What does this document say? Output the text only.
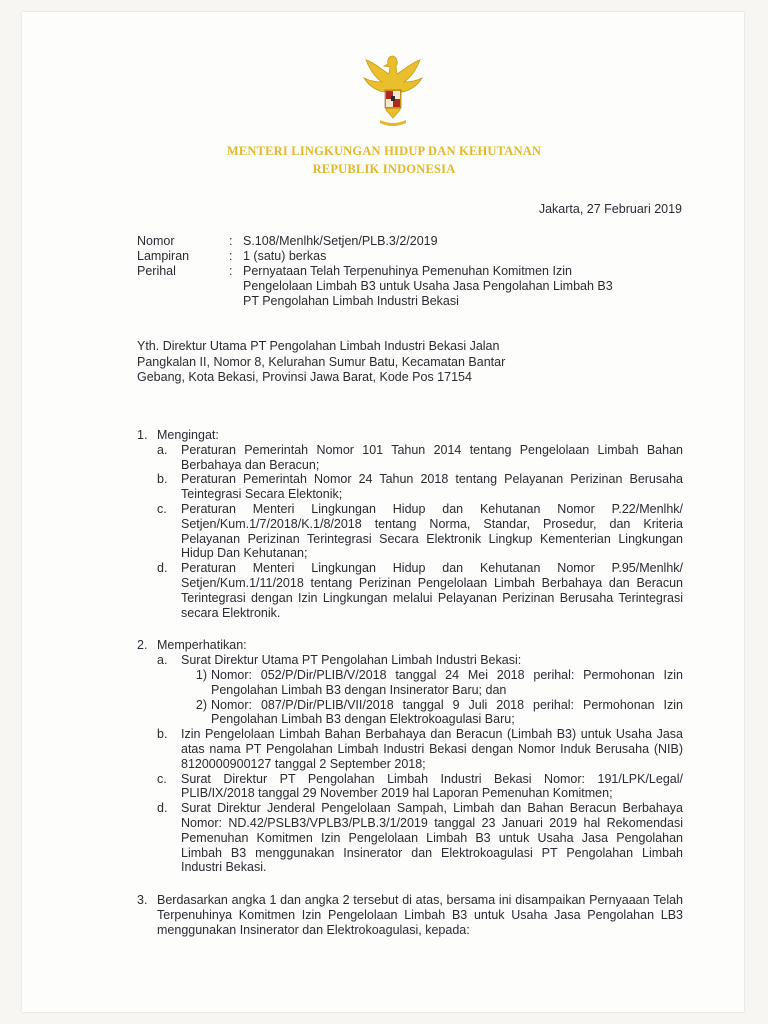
MENTERI LINGKUNGAN HIDUP DAN KEHUTANAN
REPUBLIK INDONESIA
Jakarta, 27 Februari 2019
Nomor	: S.108/Menlhk/Setjen/PLB.3/2/2019
Lampiran	: 1 (satu) berkas
Perihal	: Pernyataan Telah Terpenuhinya Pemenuhan Komitmen Izin Pengelolaan Limbah B3 untuk Usaha Jasa Pengolahan Limbah B3 PT Pengolahan Limbah Industri Bekasi
Yth. Direktur Utama PT Pengolahan Limbah Industri Bekasi Jalan Pangkalan II, Nomor 8, Kelurahan Sumur Batu, Kecamatan Bantar Gebang, Kota Bekasi, Provinsi Jawa Barat, Kode Pos 17154
1. Mengingat:
a.	Peraturan Pemerintah Nomor 101 Tahun 2014 tentang Pengelolaan Limbah Bahan Berbahaya dan Beracun;
b.	Peraturan Pemerintah Nomor 24 Tahun 2018 tentang Pelayanan Perizinan Berusaha Teintegrasi Secara Elektonik;
c.	Peraturan Menteri Lingkungan Hidup dan Kehutanan Nomor P.22/Menlhk/ Setjen/Kum.1/7/2018/K.1/8/2018 tentang Norma, Standar, Prosedur, dan Kriteria Pelayanan Perizinan Terintegrasi Secara Elektronik Lingkup Kementerian Lingkungan Hidup Dan Kehutanan;
d.	Peraturan Menteri Lingkungan Hidup dan Kehutanan Nomor P.95/Menlhk/ Setjen/Kum.1/11/2018 tentang Perizinan Pengelolaan Limbah Berbahaya dan Beracun Terintegrasi dengan Izin Lingkungan melalui Pelayanan Perizinan Berusaha Terintegrasi secara Elektronik.
2. Memperhatikan:
a.	Surat Direktur Utama PT Pengolahan Limbah Industri Bekasi:
1) Nomor: 052/P/Dir/PLIB/V/2018 tanggal 24 Mei 2018 perihal: Permohonan Izin Pengolahan Limbah B3 dengan Insinerator Baru; dan
2) Nomor: 087/P/Dir/PLIB/VII/2018 tanggal 9 Juli 2018 perihal: Permohonan Izin Pengolahan Limbah B3 dengan Elektrokoagulasi Baru;
b.	Izin Pengelolaan Limbah Bahan Berbahaya dan Beracun (Limbah B3) untuk Usaha Jasa atas nama PT Pengolahan Limbah Industri Bekasi dengan Nomor Induk Berusaha (NIB) 8120000900127 tanggal 2 September 2018;
c.	Surat Direktur PT Pengolahan Limbah Industri Bekasi Nomor: 191/LPK/Legal/ PLIB/IX/2018 tanggal 29 November 2019 hal Laporan Pemenuhan Komitmen;
d.	Surat Direktur Jenderal Pengelolaan Sampah, Limbah dan Bahan Beracun Berbahaya Nomor: ND.42/PSLB3/VPLB3/PLB.3/1/2019 tanggal 23 Januari 2019 hal Rekomendasi Pemenuhan Komitmen Izin Pengelolaan Limbah B3 untuk Usaha Jasa Pengolahan Limbah B3 menggunakan Insinerator dan Elektrokoagulasi PT Pengolahan Limbah Industri Bekasi.
3. Berdasarkan angka 1 dan angka 2 tersebut di atas, bersama ini disampaikan Pernyaaan Telah Terpenuhinya Komitmen Izin Pengelolaan Limbah B3 untuk Usaha Jasa Pengolahan LB3 menggunakan Insinerator dan Elektrokoagulasi, kepada:
